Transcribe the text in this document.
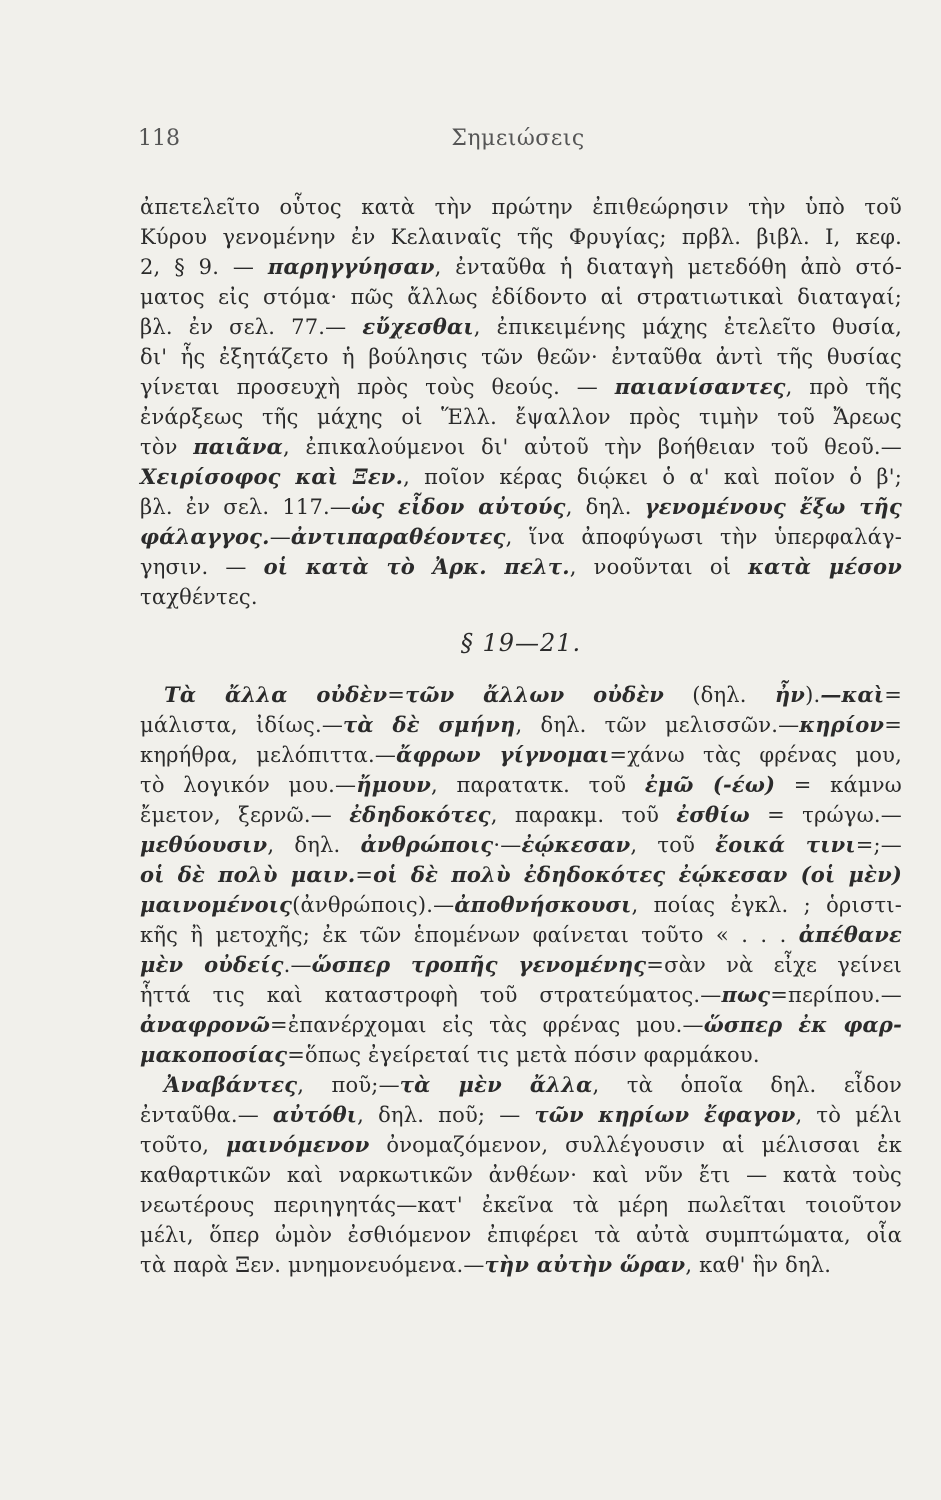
118	Σημειώσεις

ἀπετελεῖτο οὗτος κατὰ τὴν πρώτην ἐπιθεώρησιν τὴν ὑπὸ τοῦ

Κύρου γενομένην ἐν Κελαιναῖς τῆς Φρυγίας; πρβλ. βιβλ. Ι, κεφ.

2, § 9. — παρηγγύησαν, ἐνταῦθα ἡ διαταγὴ μετεδόθη ἀπὸ στό-

ματος εἰς στόμα· πῶς ἄλλως ἐδίδοντο αἱ στρατιωτικαὶ διαταγαί;

βλ. ἐν σελ. 77.— εὔχεσθαι, ἐπικειμένης μάχης ἐτελεῖτο θυσία,

δι' ἧς ἐξητάζετο ἡ βούλησις τῶν θεῶν· ἐνταῦθα ἀντὶ τῆς θυσίας

γίνεται προσευχὴ πρὸς τοὺς θεούς. — παιανίσαντες, πρὸ τῆς

ἐνάρξεως τῆς μάχης οἱ Ἕλλ. ἔψαλλον πρὸς τιμὴν τοῦ Ἄρεως

τὸν παιᾶνα, ἐπικαλούμενοι δι' αὐτοῦ τὴν βοήθειαν τοῦ θεοῦ.—

Χειρίσοφος καὶ Ξεν., ποῖον κέρας διῴκει ὁ α' καὶ ποῖον ὁ β';

βλ. ἐν σελ. 117.—ὡς εἶδον αὐτούς, δηλ. γενομένους ἔξω τῆς

φάλαγγος.—ἀντιπαραθέοντες, ἵνα ἀποφύγωσι τὴν ὑπερφαλάγ-

γησιν. — οἱ κατὰ τὸ Ἀρκ. πελτ., νοοῦνται οἱ κατὰ μέσον

ταχθέντες.

§ 19—21.

Τὰ ἄλλα οὐδὲν=τῶν ἄλλων οὐδὲν (δηλ. ἦν).—καὶ=

μάλιστα, ἰδίως.—τὰ δὲ σμήνη, δηλ. τῶν μελισσῶν.—κηρίον=

κηρήθρα, μελόπιττα.—ἄφρων γίγνομαι=χάνω τὰς φρένας μου,

τὸ λογικόν μου.—ἤμουν, παρατατκ. τοῦ ἐμῶ (-έω) = κάμνω

ἔμετον, ξερνῶ.— ἐδηδοκότες, παρακμ. τοῦ ἐσθίω = τρώγω.—

μεθύουσιν, δηλ. ἀνθρώποις·—ἐῴκεσαν, τοῦ ἔοικά τινι=;—

οἱ δὲ πολὺ μαιν.=οἱ δὲ πολὺ ἐδηδοκότες ἐῴκεσαν (οἱ μὲν)

μαινομένοις(ἀνθρώποις).—ἀποθνήσκουσι, ποίας ἐγκλ. ; ὁριστι-

κῆς ἢ μετοχῆς; ἐκ τῶν ἑπομένων φαίνεται τοῦτο « . . . ἀπέθανε

μὲν οὐδείς.—ὥσπερ τροπῆς γενομένης=σὰν νὰ εἶχε γείνει

ἧττά τις καὶ καταστροφὴ τοῦ στρατεύματος.—πως=περίπου.—

ἀναφρονῶ=ἐπανέρχομαι εἰς τὰς φρένας μου.—ὥσπερ ἐκ φαρ-

μακοποσίας=ὅπως ἐγείρεταί τις μετὰ πόσιν φαρμάκου.

Ἀναβάντες, ποῦ;—τὰ μὲν ἄλλα, τὰ ὁποῖα δηλ. εἶδον

ἐνταῦθα.— αὐτόθι, δηλ. ποῦ; — τῶν κηρίων ἔφαγον, τὸ μέλι

τοῦτο, μαινόμενον ὀνομαζόμενον, συλλέγουσιν αἱ μέλισσαι ἐκ

καθαρτικῶν καὶ ναρκωτικῶν ἀνθέων· καὶ νῦν ἔτι — κατὰ τοὺς

νεωτέρους περιηγητάς—κατ' ἐκεῖνα τὰ μέρη πωλεῖται τοιοῦτον

μέλι, ὅπερ ὠμὸν ἐσθιόμενον ἐπιφέρει τὰ αὐτὰ συμπτώματα, οἷα

τὰ παρὰ Ξεν. μνημονευόμενα.—τὴν αὐτὴν ὥραν, καθ' ἣν δηλ.
